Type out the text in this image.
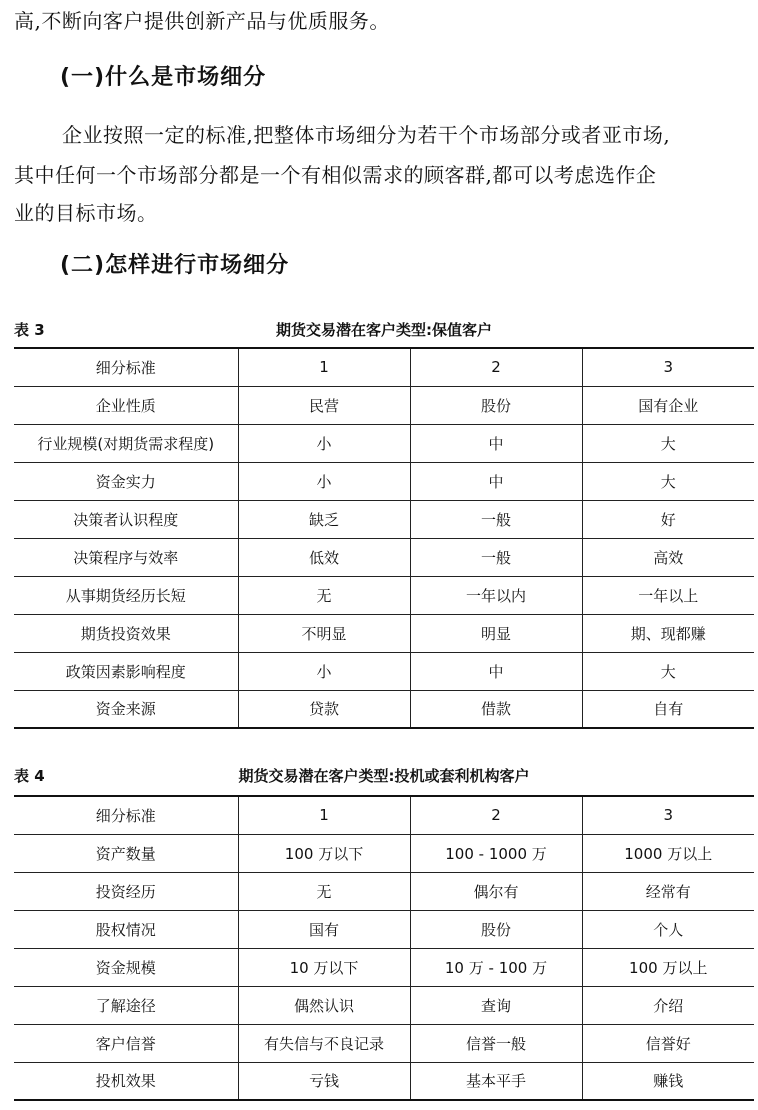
高,不断向客户提供创新产品与优质服务。
(一)什么是市场细分
企业按照一定的标准,把整体市场细分为若干个市场部分或者亚市场,
其中任何一个市场部分都是一个有相似需求的顾客群,都可以考虑选作企
业的目标市场。
(二)怎样进行市场细分
表 3	期货交易潜在客户类型:保值客户
细分标准	1	2	3
企业性质	民营	股份	国有企业
行业规模(对期货需求程度)	小	中	大
资金实力	小	中	大
决策者认识程度	缺乏	一般	好
决策程序与效率	低效	一般	高效
从事期货经历长短	无	一年以内	一年以上
期货投资效果	不明显	明显	期、现都赚
政策因素影响程度	小	中	大
资金来源	贷款	借款	自有
表 4	期货交易潜在客户类型:投机或套利机构客户
细分标准	1	2	3
资产数量	100 万以下	100 - 1000 万	1000 万以上
投资经历	无	偶尔有	经常有
股权情况	国有	股份	个人
资金规模	10 万以下	10 万 - 100 万	100 万以上
了解途径	偶然认识	查询	介绍
客户信誉	有失信与不良记录	信誉一般	信誉好
投机效果	亏钱	基本平手	赚钱
